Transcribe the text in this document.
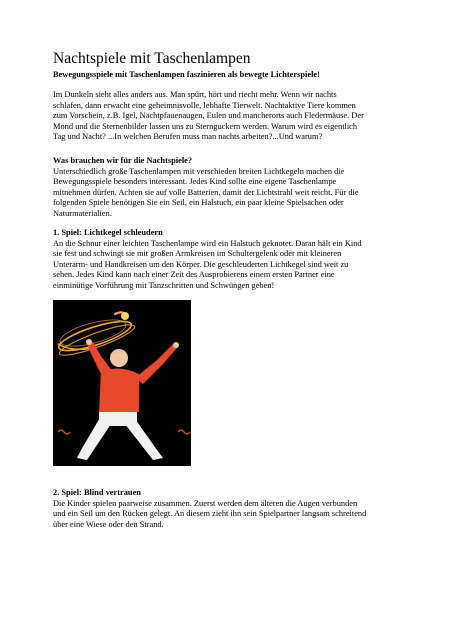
Nachtspiele mit Taschenlampen

Bewegungsspiele mit Taschenlampen faszinieren als bewegte Lichterspiele!

Im Dunkeln sieht alles anders aus. Man spürt, hört und riecht mehr. Wenn wir nachts
schlafen, dann erwacht eine geheimnisvolle, lebhafte Tierwelt. Nachtaktive Tiere kommen
zum Vorschein, z.B. Igel, Nachtpfauenaugen, Eulen und mancherorts auch Fledermäuse. Der
Mond und die Sternenbilder lassen uns zu Sternguckern werden. Warum wird es eigentlich
Tag und Nacht? ...In welchen Berufen muss man nachts arbeiten?...Und warum?

Was brauchen wir für die Nachtspiele?
Unterschiedlich große Taschenlampen mit verschieden breiten Lichtkegeln machen die
Bewegungsspiele besonders interessant. Jedes Kind sollte eine eigene Taschenlampe
mitnehmen dürfen. Achten sie auf volle Batterien, damit der Lichtstrahl weit reicht. Für die
folgenden Spiele benötigen Sie ein Seil, ein Halstuch, ein paar kleine Spielsachen oder
Naturmaterialien.

1. Spiel: Lichtkegel schleudern
An die Schnur einer leichten Taschenlampe wird ein Halstuch geknotet. Daran hält ein Kind
sie fest und schwingt sie mit großen Armkreisen im Schultergelenk oder mit kleineren
Unterarm- und Handkreisen um den Körper. Die geschleuderten Lichtkegel sind weit zu
sehen. Jedes Kind kann nach einer Zeit des Ausprobierens einem ersten Partner eine
einminütige Vorführung mit Tanzschritten und Schwüngen geben!

2. Spiel: Blind vertrauen
Die Kinder spielen paarweise zusammen. Zuerst werden dem älteren die Augen verbunden
und ein Seil um den Rücken gelegt. An diesem zieht ihn sein Spielpartner langsam schreitend
über eine Wiese oder den Strand.
